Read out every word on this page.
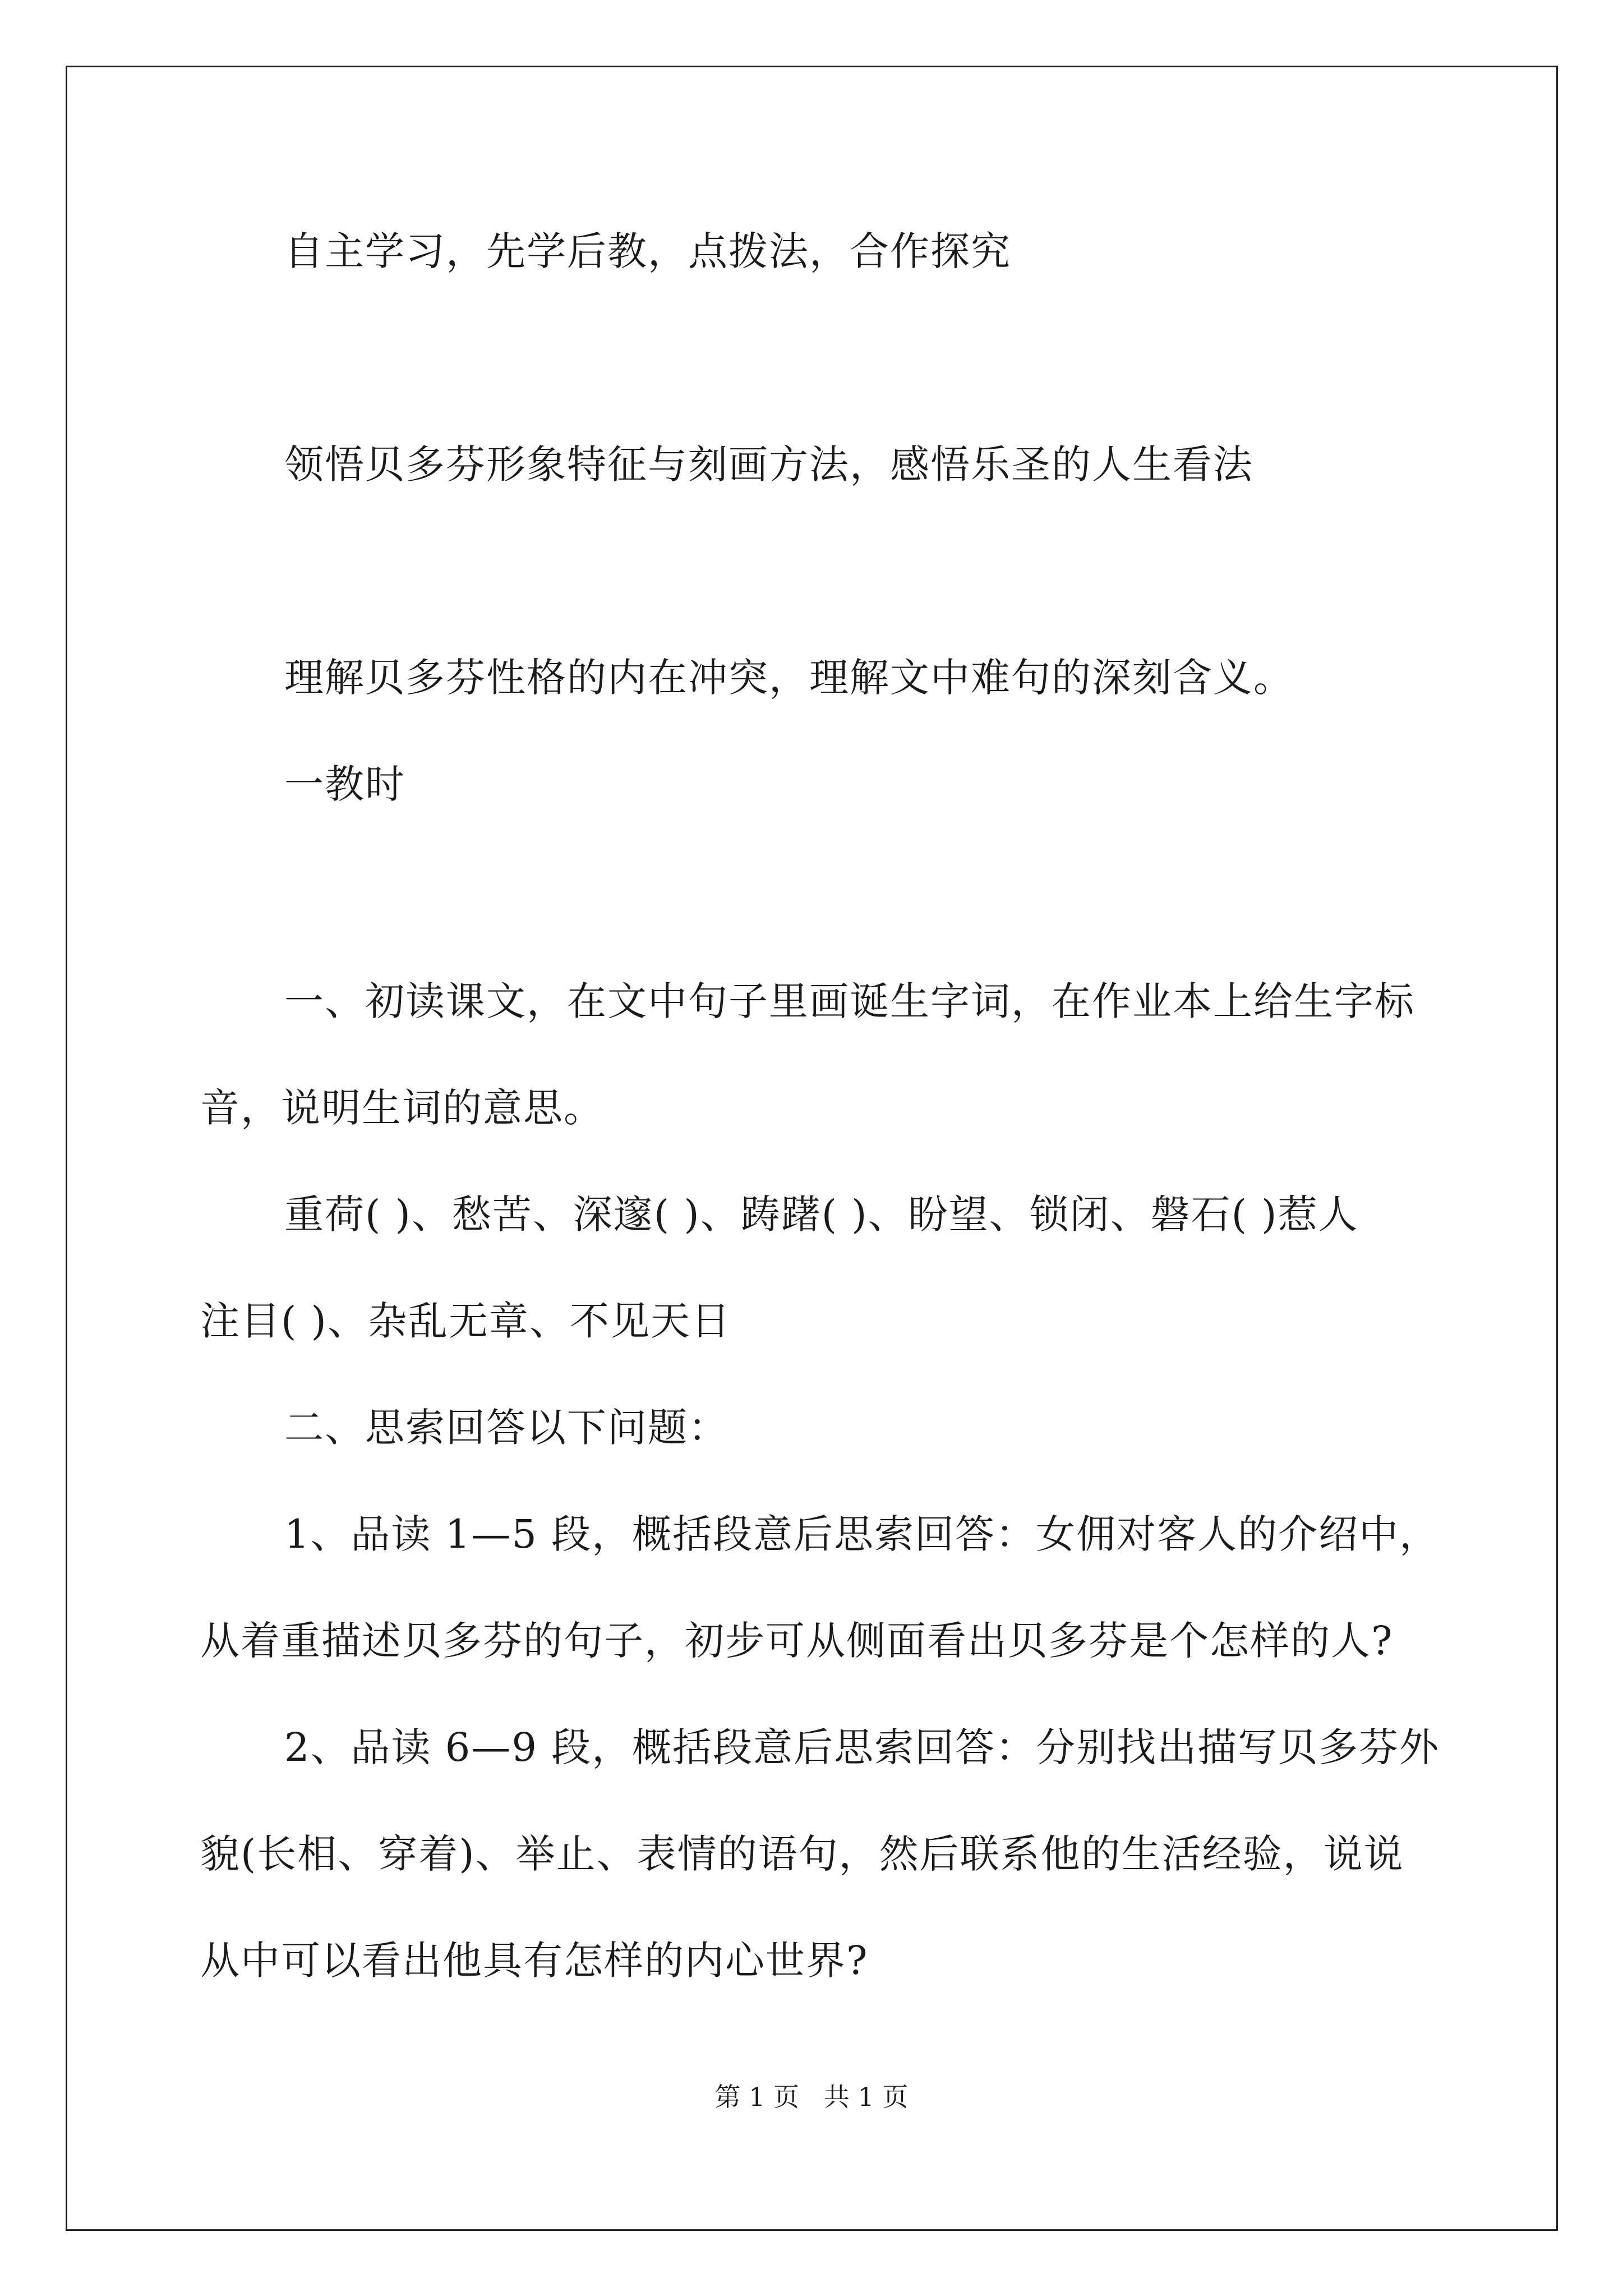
自主学习，先学后教，点拨法，合作探究
领悟贝多芬形象特征与刻画方法，感悟乐圣的人生看法
理解贝多芬性格的内在冲突，理解文中难句的深刻含义。
一教时
一、初读课文，在文中句子里画诞生字词，在作业本上给生字标
音，说明生词的意思。
重荷( )、愁苦、深邃( )、踌躇( )、盼望、锁闭、磐石( )惹人
注目( )、杂乱无章、不见天日
二、思索回答以下问题：
1、品读 1—5 段，概括段意后思索回答：女佣对客人的介绍中，
从着重描述贝多芬的句子，初步可从侧面看出贝多芬是个怎样的人?
2、品读 6—9 段，概括段意后思索回答：分别找出描写贝多芬外
貌(长相、穿着)、举止、表情的语句，然后联系他的生活经验，说说
从中可以看出他具有怎样的内心世界?
第 1 页   共 1 页
